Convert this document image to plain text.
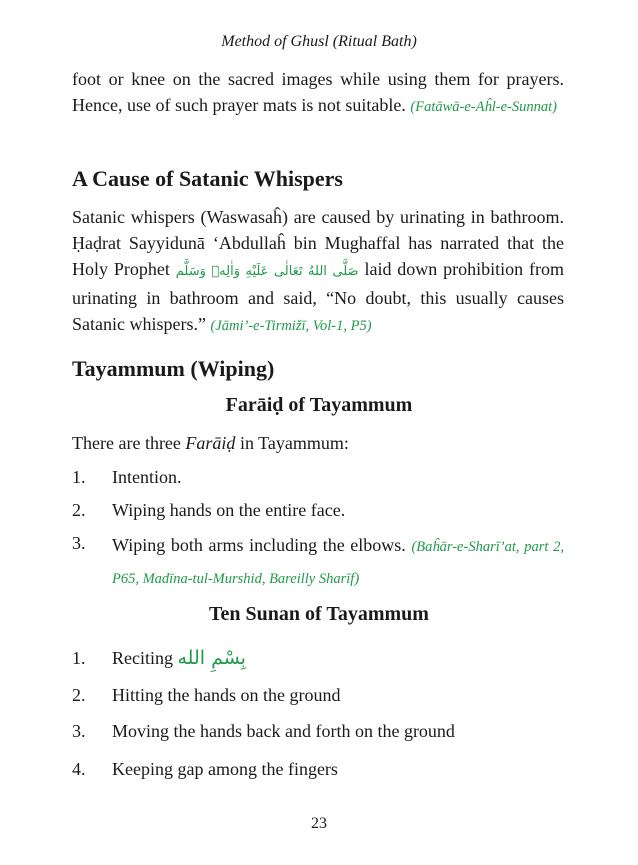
Method of Ghusl (Ritual Bath)
foot or knee on the sacred images while using them for prayers. Hence, use of such prayer mats is not suitable. (Fatāwā-e-Aĥl-e-Sunnat)
A Cause of Satanic Whispers
Satanic whispers (Waswasaĥ) are caused by urinating in bathroom. Ḥaḍrat Sayyidunā ‘Abdullaĥ bin Mughaffal has narrated that the Holy Prophet صَلَّى اللهُ تَعَالٰى عَلَيْهِ وَاٰلِهٖ وَسَلَّم laid down prohibition from urinating in bathroom and said, “No doubt, this usually causes Satanic whispers.” (Jāmi’-e-Tirmižī, Vol-1, P5)
Tayammum (Wiping)
Farāiḍ of Tayammum
There are three Farāiḍ in Tayammum:
1. Intention.
2. Wiping hands on the entire face.
3. Wiping both arms including the elbows. (Baĥār-e-Sharī’at, part 2, P65, Madīna-tul-Murshid, Bareilly Sharīf)
Ten Sunan of Tayammum
1. Reciting بِسْمِ الله
2. Hitting the hands on the ground
3. Moving the hands back and forth on the ground
4. Keeping gap among the fingers
23
